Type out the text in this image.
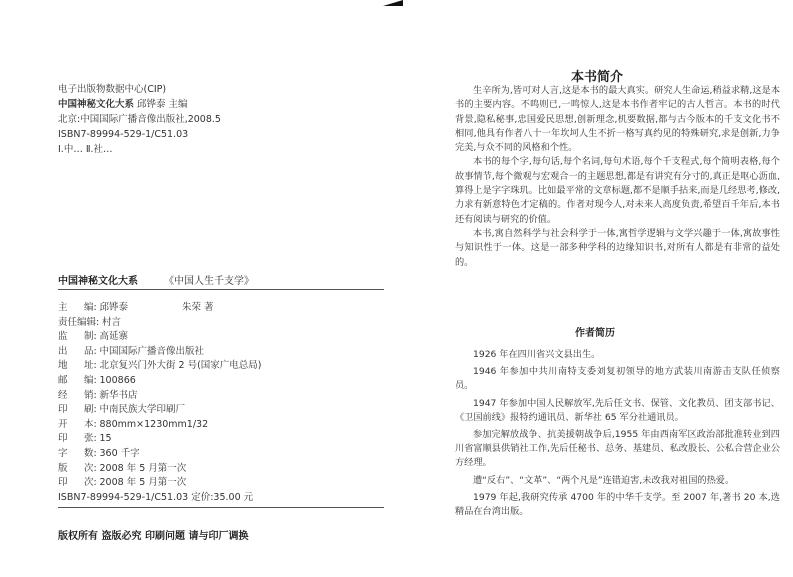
电子出版物数据中心(CIP)
中国神秘文化大系 邱铧泰 主编
北京:中国国际广播音像出版社,2008.5
ISBN7-89994-529-1/C51.03
Ⅰ.中… Ⅱ.社…
中国神秘文化大系	《中国人生千支学》
主	编 : 邱铧泰	朱荣 著
责任编辑 : 村言
监	制 : 高延寨
出	品 : 中国国际广播音像出版社
地	址 : 北京复兴门外大街 2 号(国家广电总局)
邮	编 : 100866
经	销 : 新华书店
印	刷 : 中南民族大学印刷厂
开	本 : 880mm×1230mm1/32
印	张 : 15
字	数 : 360 千字
版	次 : 2008 年 5 月第一次
印	次 : 2008 年 5 月第一次
ISBN7-89994-529-1/C51.03 定价:35.00 元
版权所有 盗版必究 印刷问题 请与印厂调换
本书简介

生辛所为,皆可对人言,这是本书的最大真实。研究人生命运,稍益求精,这是本书的主要内容。不鸣则已,一鸣惊人,这是本书作者牢记的古人哲言。本书的时代背景,隐私秘事,忠国爱民思想,创新理念,机要数据,都与古今版本的千支文化书不相同,他具有作者八十一年坎坷人生不折一格写真约见的特殊研究,求是创新,力争完美,与众不同的风格和个性。

本书的每个字,每句话,每个名词,每句术语,每个千支程式,每个简明表格,每个故事情节,每个微观与宏观合一的主题思想,都是有讲究有分寸的,真正是呕心沥血,算得上是字字珠玑。比如最平常的文章标题,都不是顺手拈来,而是几经思考,修改,力求有新意特色才定稿的。作者对现今人,对未来人高度负责,希望百千年后,本书还有阅读与研究的价值。

本书,寓自然科学与社会科学于一体,寓哲学逻辑与文学兴趣于一体,寓故事性与知识性于一体。这是一部多种学科的边缘知识书,对所有人都是有非常的益处的。

作者简历

1926 年在四川省兴文县出生。

1946 年参加中共川南特支委刘复初领导的地方武装川南游击支队任侦察员。

1947 年参加中国人民解放军,先后任文书、保管、文化教员、团支部书记、《卫国前线》报特约通讯员、新华社 65 军分社通讯员。

参加完解放战争、抗美援朝战争后,1955 年由西南军区政治部批准转业到四川省富顺县供销社工作,先后任秘书、总务、基建员、私改股长、公私合营企业公方经理。

遭“反右”、“文革”、“两个凡是”连错迫害,未改我对祖国的热爱。

1979 年起,我研究传承 4700 年的中华千支学。至 2007 年,著书 20 本,选精品在台湾出版。
